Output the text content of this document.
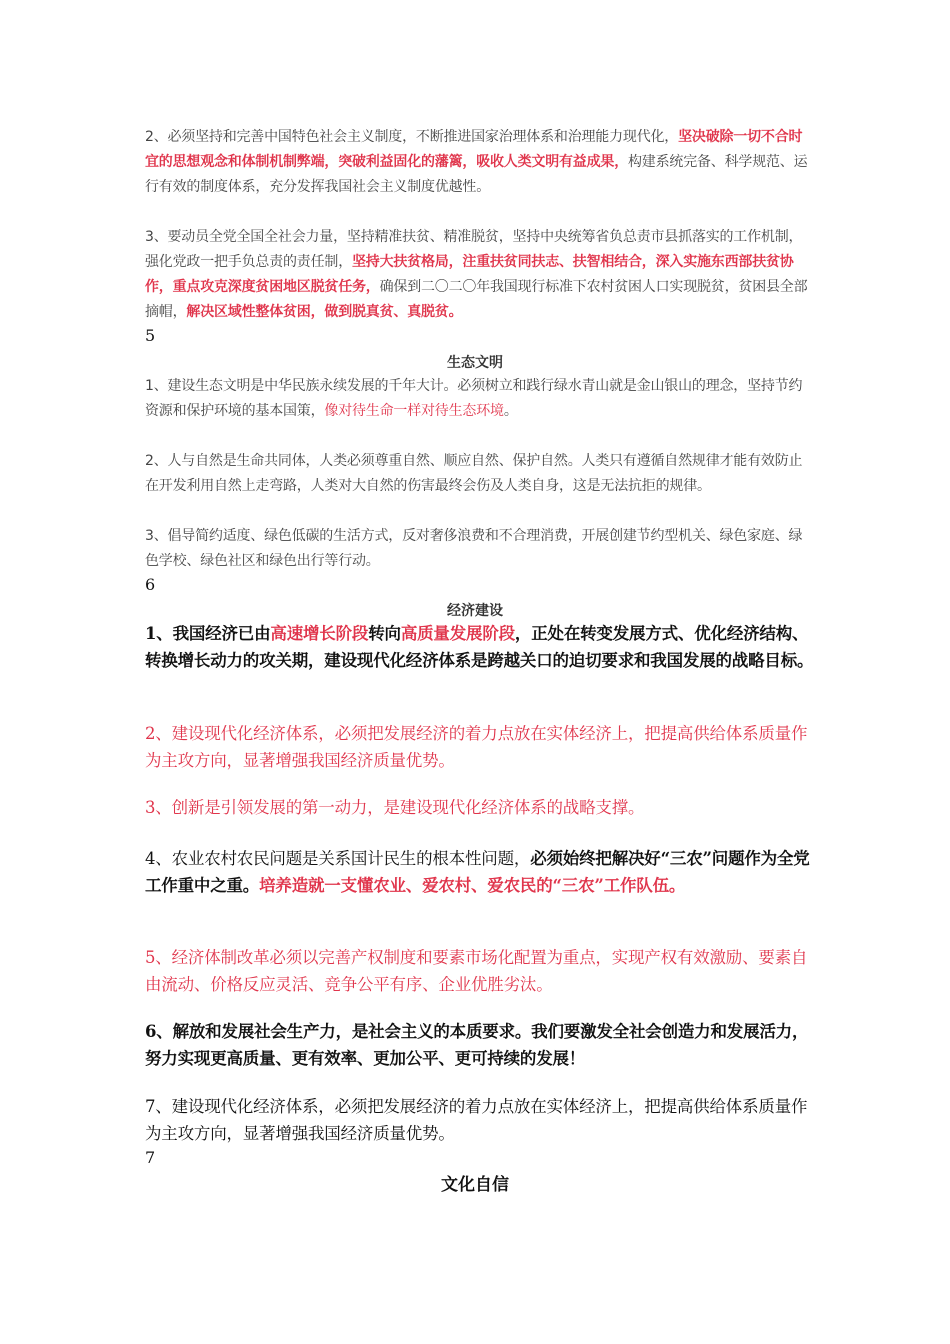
2、必须坚持和完善中国特色社会主义制度，不断推进国家治理体系和治理能力现代化，坚决破除一切不合时宜的思想观念和体制机制弊端，突破利益固化的藩篱，吸收人类文明有益成果，构建系统完备、科学规范、运行有效的制度体系，充分发挥我国社会主义制度优越性。
3、要动员全党全国全社会力量，坚持精准扶贫、精准脱贫，坚持中央统筹省负总责市县抓落实的工作机制，强化党政一把手负总责的责任制，坚持大扶贫格局，注重扶贫同扶志、扶智相结合，深入实施东西部扶贫协作，重点攻克深度贫困地区脱贫任务，确保到二〇二〇年我国现行标准下农村贫困人口实现脱贫，贫困县全部摘帽，解决区域性整体贫困，做到脱真贫、真脱贫。
5
生态文明
1、建设生态文明是中华民族永续发展的千年大计。必须树立和践行绿水青山就是金山银山的理念，坚持节约资源和保护环境的基本国策，像对待生命一样对待生态环境。
2、人与自然是生命共同体，人类必须尊重自然、顺应自然、保护自然。人类只有遵循自然规律才能有效防止在开发利用自然上走弯路，人类对大自然的伤害最终会伤及人类自身，这是无法抗拒的规律。
3、倡导简约适度、绿色低碳的生活方式，反对奢侈浪费和不合理消费，开展创建节约型机关、绿色家庭、绿色学校、绿色社区和绿色出行等行动。
6
经济建设
1、我国经济已由高速增长阶段转向高质量发展阶段，正处在转变发展方式、优化经济结构、转换增长动力的攻关期，建设现代化经济体系是跨越关口的迫切要求和我国发展的战略目标。
2、建设现代化经济体系，必须把发展经济的着力点放在实体经济上，把提高供给体系质量作为主攻方向，显著增强我国经济质量优势。
3、创新是引领发展的第一动力，是建设现代化经济体系的战略支撑。
4、农业农村农民问题是关系国计民生的根本性问题，必须始终把解决好“三农”问题作为全党工作重中之重。培养造就一支懂农业、爱农村、爱农民的“三农”工作队伍。
5、经济体制改革必须以完善产权制度和要素市场化配置为重点，实现产权有效激励、要素自由流动、价格反应灵活、竞争公平有序、企业优胜劣汰。
6、解放和发展社会生产力，是社会主义的本质要求。我们要激发全社会创造力和发展活力，努力实现更高质量、更有效率、更加公平、更可持续的发展！
7、建设现代化经济体系，必须把发展经济的着力点放在实体经济上，把提高供给体系质量作为主攻方向，显著增强我国经济质量优势。
7
文化自信
